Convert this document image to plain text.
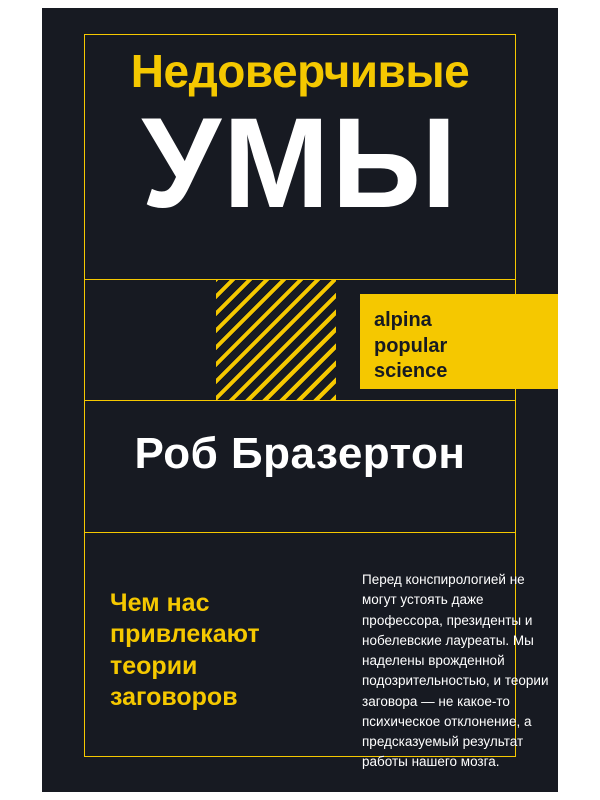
Недоверчивые
УМЫ
alpina
popular
science
Роб Бразертон
Чем нас привлекают теории заговоров
Перед конспирологией не могут устоять даже профессора, президенты и нобелевские лауреаты. Мы наделены врожденной подозрительностью, и теории заговора — не какое-то психическое отклонение, а предсказуемый результат работы нашего мозга.
